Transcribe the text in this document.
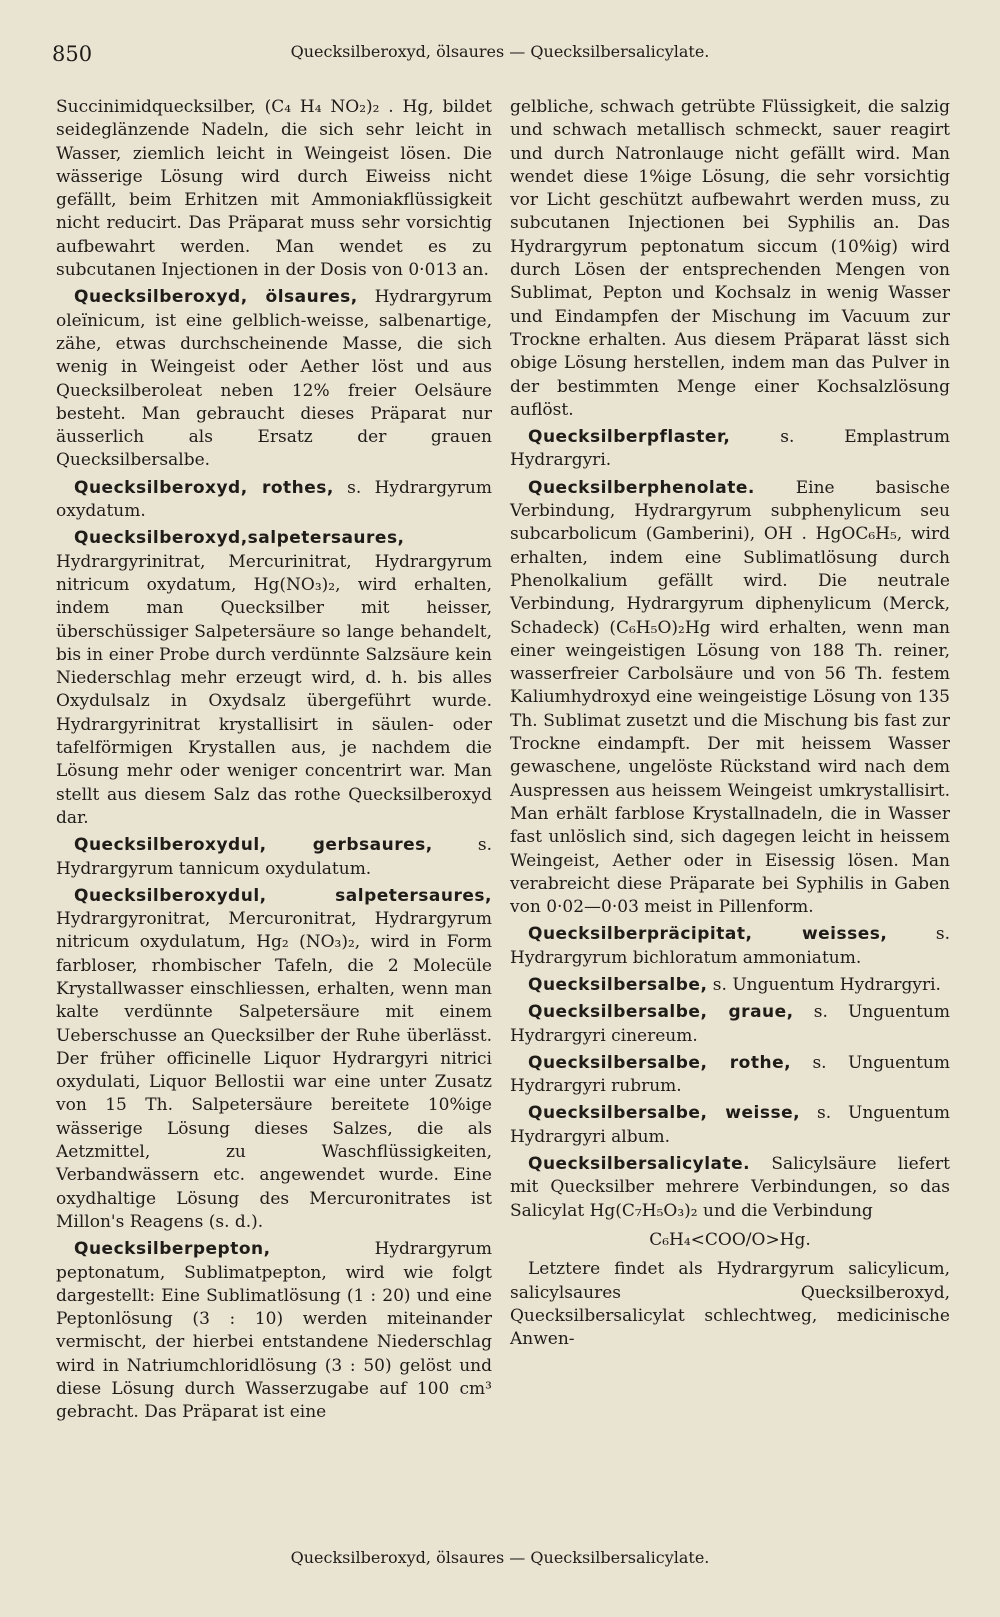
850	Quecksilberoxyd, ölsaures — Quecksilbersalicylate.

Succinimidquecksilber, (C₄ H₄ NO₂)₂ . Hg, bildet seideglänzende Nadeln, die sich sehr leicht in Wasser, ziemlich leicht in Weingeist lösen. Die wässerige Lösung wird durch Eiweiss nicht gefällt, beim Erhitzen mit Ammoniakflüssigkeit nicht reducirt. Das Präparat muss sehr vorsichtig aufbewahrt werden. Man wendet es zu subcutanen Injectionen in der Dosis von 0·013 an.

Quecksilberoxyd, ölsaures, Hydrargyrum oleïnicum, ist eine gelblich-weisse, salbenartige, zähe, etwas durchscheinende Masse, die sich wenig in Weingeist oder Aether löst und aus Quecksilberoleat neben 12% freier Oelsäure besteht. Man gebraucht dieses Präparat nur äusserlich als Ersatz der grauen Quecksilbersalbe.

Quecksilberoxyd, rothes, s. Hydrargyrum oxydatum.

Quecksilberoxyd,salpetersaures, Hydrargyrinitrat, Mercurinitrat, Hydrargyrum nitricum oxydatum, Hg(NO₃)₂, wird erhalten, indem man Quecksilber mit heisser, überschüssiger Salpetersäure so lange behandelt, bis in einer Probe durch verdünnte Salzsäure kein Niederschlag mehr erzeugt wird, d. h. bis alles Oxydulsalz in Oxydsalz übergeführt wurde. Hydrargyrinitrat krystallisirt in säulen- oder tafelförmigen Krystallen aus, je nachdem die Lösung mehr oder weniger concentrirt war. Man stellt aus diesem Salz das rothe Quecksilberoxyd dar.

Quecksilberoxydul, gerbsaures, s. Hydrargyrum tannicum oxydulatum.

Quecksilberoxydul, salpetersaures, Hydrargyronitrat, Mercuronitrat, Hydrargyrum nitricum oxydulatum, Hg₂ (NO₃)₂, wird in Form farbloser, rhombischer Tafeln, die 2 Molecüle Krystallwasser einschliessen, erhalten, wenn man kalte verdünnte Salpetersäure mit einem Ueberschusse an Quecksilber der Ruhe überlässt. Der früher officinelle Liquor Hydrargyri nitrici oxydulati, Liquor Bellostii war eine unter Zusatz von 15 Th. Salpetersäure bereitete 10%ige wässerige Lösung dieses Salzes, die als Aetzmittel, zu Waschflüssigkeiten, Verbandwässern etc. angewendet wurde. Eine oxydhaltige Lösung des Mercuronitrates ist Millon's Reagens (s. d.).

Quecksilberpepton, Hydrargyrum peptonatum, Sublimatpepton, wird wie folgt dargestellt: Eine Sublimatlösung (1 : 20) und eine Peptonlösung (3 : 10) werden miteinander vermischt, der hierbei entstandene Niederschlag wird in Natriumchloridlösung (3 : 50) gelöst und diese Lösung durch Wasserzugabe auf 100 cm³ gebracht. Das Präparat ist eine

gelbliche, schwach getrübte Flüssigkeit, die salzig und schwach metallisch schmeckt, sauer reagirt und durch Natronlauge nicht gefällt wird. Man wendet diese 1%ige Lösung, die sehr vorsichtig vor Licht geschützt aufbewahrt werden muss, zu subcutanen Injectionen bei Syphilis an. Das Hydrargyrum peptonatum siccum (10%ig) wird durch Lösen der entsprechenden Mengen von Sublimat, Pepton und Kochsalz in wenig Wasser und Eindampfen der Mischung im Vacuum zur Trockne erhalten. Aus diesem Präparat lässt sich obige Lösung herstellen, indem man das Pulver in der bestimmten Menge einer Kochsalzlösung auflöst.

Quecksilberpflaster, s. Emplastrum Hydrargyri.

Quecksilberphenolate. Eine basische Verbindung, Hydrargyrum subphenylicum seu subcarbolicum (Gamberini), OH . HgOC₆H₅, wird erhalten, indem eine Sublimatlösung durch Phenolkalium gefällt wird. Die neutrale Verbindung, Hydrargyrum diphenylicum (Merck, Schadeck) (C₆H₅O)₂Hg wird erhalten, wenn man einer weingeistigen Lösung von 188 Th. reiner, wasserfreier Carbolsäure und von 56 Th. festem Kaliumhydroxyd eine weingeistige Lösung von 135 Th. Sublimat zusetzt und die Mischung bis fast zur Trockne eindampft. Der mit heissem Wasser gewaschene, ungelöste Rückstand wird nach dem Auspressen aus heissem Weingeist umkrystallisirt. Man erhält farblose Krystallnadeln, die in Wasser fast unlöslich sind, sich dagegen leicht in heissem Weingeist, Aether oder in Eisessig lösen. Man verabreicht diese Präparate bei Syphilis in Gaben von 0·02—0·03 meist in Pillenform.

Quecksilberpräcipitat, weisses, s. Hydrargyrum bichloratum ammoniatum.

Quecksilbersalbe, s. Unguentum Hydrargyri.

Quecksilbersalbe, graue, s. Unguentum Hydrargyri cinereum.

Quecksilbersalbe, rothe, s. Unguentum Hydrargyri rubrum.

Quecksilbersalbe, weisse, s. Unguentum Hydrargyri album.

Quecksilbersalicylate. Salicylsäure liefert mit Quecksilber mehrere Verbindungen, so das Salicylat Hg(C₇H₅O₃)₂ und die Verbindung

C₆H₄<COO/O>Hg.

Letztere findet als Hydrargyrum salicylicum, salicylsaures Quecksilberoxyd, Quecksilbersalicylat schlechtweg, medicinische Anwen-

Quecksilberoxyd, ölsaures — Quecksilbersalicylate.
